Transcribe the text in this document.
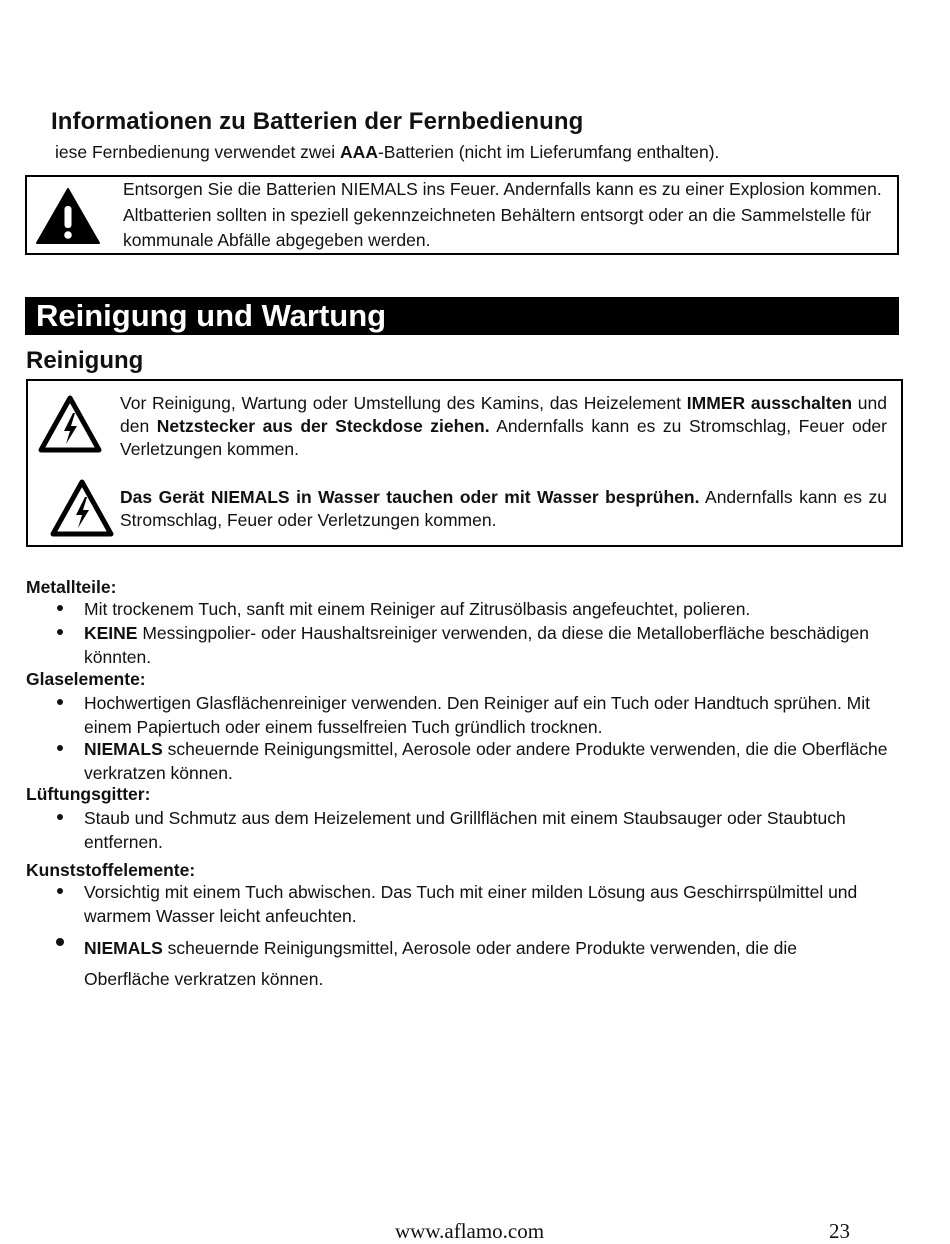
Informationen zu Batterien der Fernbedienung
iese Fernbedienung verwendet zwei AAA-Batterien (nicht im Lieferumfang enthalten).
Entsorgen Sie die Batterien NIEMALS ins Feuer. Andernfalls kann es zu einer Explosion kommen. Altbatterien sollten in speziell gekennzeichneten Behältern entsorgt oder an die Sammelstelle für kommunale Abfälle abgegeben werden.
Reinigung und Wartung
Reinigung
Vor Reinigung, Wartung oder Umstellung des Kamins, das Heizelement IMMER ausschalten und den Netzstecker aus der Steckdose ziehen. Andernfalls kann es zu Stromschlag, Feuer oder Verletzungen kommen.
Das Gerät NIEMALS in Wasser tauchen oder mit Wasser besprühen. Andernfalls kann es zu Stromschlag, Feuer oder Verletzungen kommen.
Metallteile:
Mit trockenem Tuch, sanft mit einem Reiniger auf Zitrusölbasis angefeuchtet, polieren.
KEINE Messingpolier- oder Haushaltsreiniger verwenden, da diese die Metalloberfläche beschädigen könnten.
Glaselemente:
Hochwertigen Glasflächenreiniger verwenden. Den Reiniger auf ein Tuch oder Handtuch sprühen. Mit einem Papiertuch oder einem fusselfreien Tuch gründlich trocknen.
NIEMALS scheuernde Reinigungsmittel, Aerosole oder andere Produkte verwenden, die die Oberfläche verkratzen können.
Lüftungsgitter:
Staub und Schmutz aus dem Heizelement und Grillflächen mit einem Staubsauger oder Staubtuch entfernen.
Kunststoffelemente:
Vorsichtig mit einem Tuch abwischen. Das Tuch mit einer milden Lösung aus Geschirrspülmittel und warmem Wasser leicht anfeuchten.
NIEMALS scheuernde Reinigungsmittel, Aerosole oder andere Produkte verwenden, die die
Oberfläche verkratzen können.
www.aflamo.com	23
